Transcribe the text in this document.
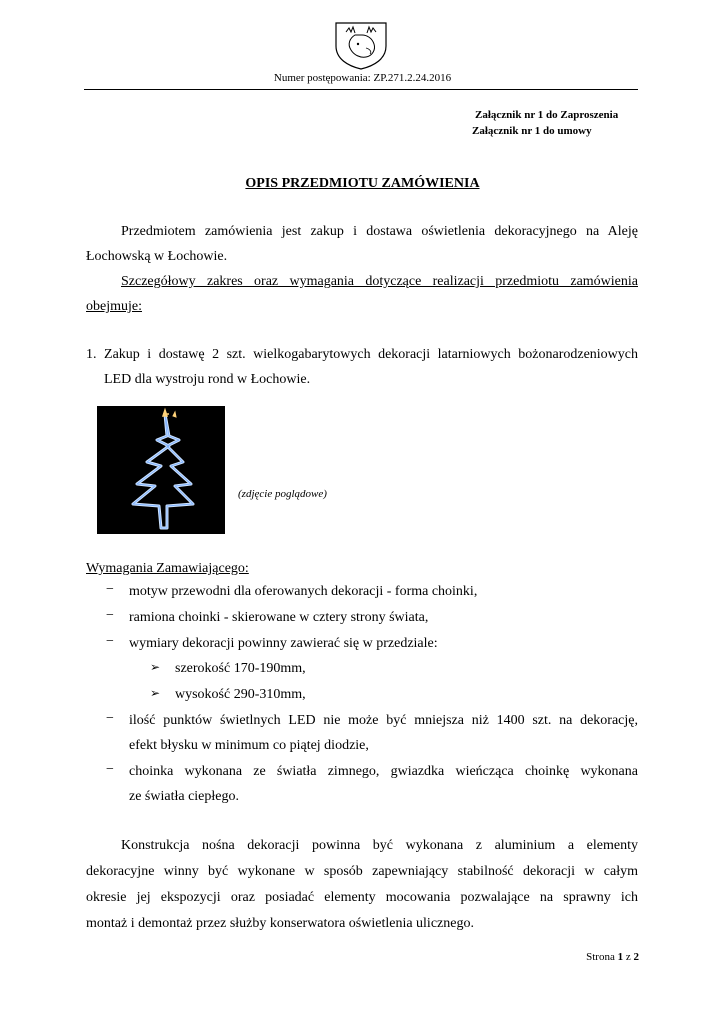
Numer postępowania: ZP.271.2.24.2016
Załącznik nr 1 do Zaproszenia
Załącznik nr 1 do umowy
OPIS PRZEDMIOTU ZAMÓWIENIA
Przedmiotem zamówienia jest zakup i dostawa oświetlenia dekoracyjnego na Aleję
Łochowską w Łochowie.
Szczegółowy zakres oraz wymagania dotyczące realizacji przedmiotu zamówienia
obejmuje:
1. Zakup i dostawę 2 szt. wielkogabarytowych dekoracji latarniowych bożonarodzeniowych
LED dla wystroju rond w Łochowie.
(zdjęcie poglądowe)
Wymagania Zamawiającego:
− motyw przewodni dla oferowanych dekoracji - forma choinki,
− ramiona choinki - skierowane w cztery strony świata,
− wymiary dekoracji powinny zawierać się w przedziale:
➢ szerokość 170-190mm,
➢ wysokość 290-310mm,
− ilość punktów świetlnych LED nie może być mniejsza niż 1400 szt. na dekorację,
efekt błysku w minimum co piątej diodzie,
− choinka wykonana ze światła zimnego, gwiazdka wieńcząca choinkę wykonana
ze światła ciepłego.
Konstrukcja nośna dekoracji powinna być wykonana z aluminium a elementy
dekoracyjne winny być wykonane w sposób zapewniający stabilność dekoracji w całym
okresie jej ekspozycji oraz posiadać elementy mocowania pozwalające na sprawny ich
montaż i demontaż przez służby konserwatora oświetlenia ulicznego.
Strona 1 z 2
